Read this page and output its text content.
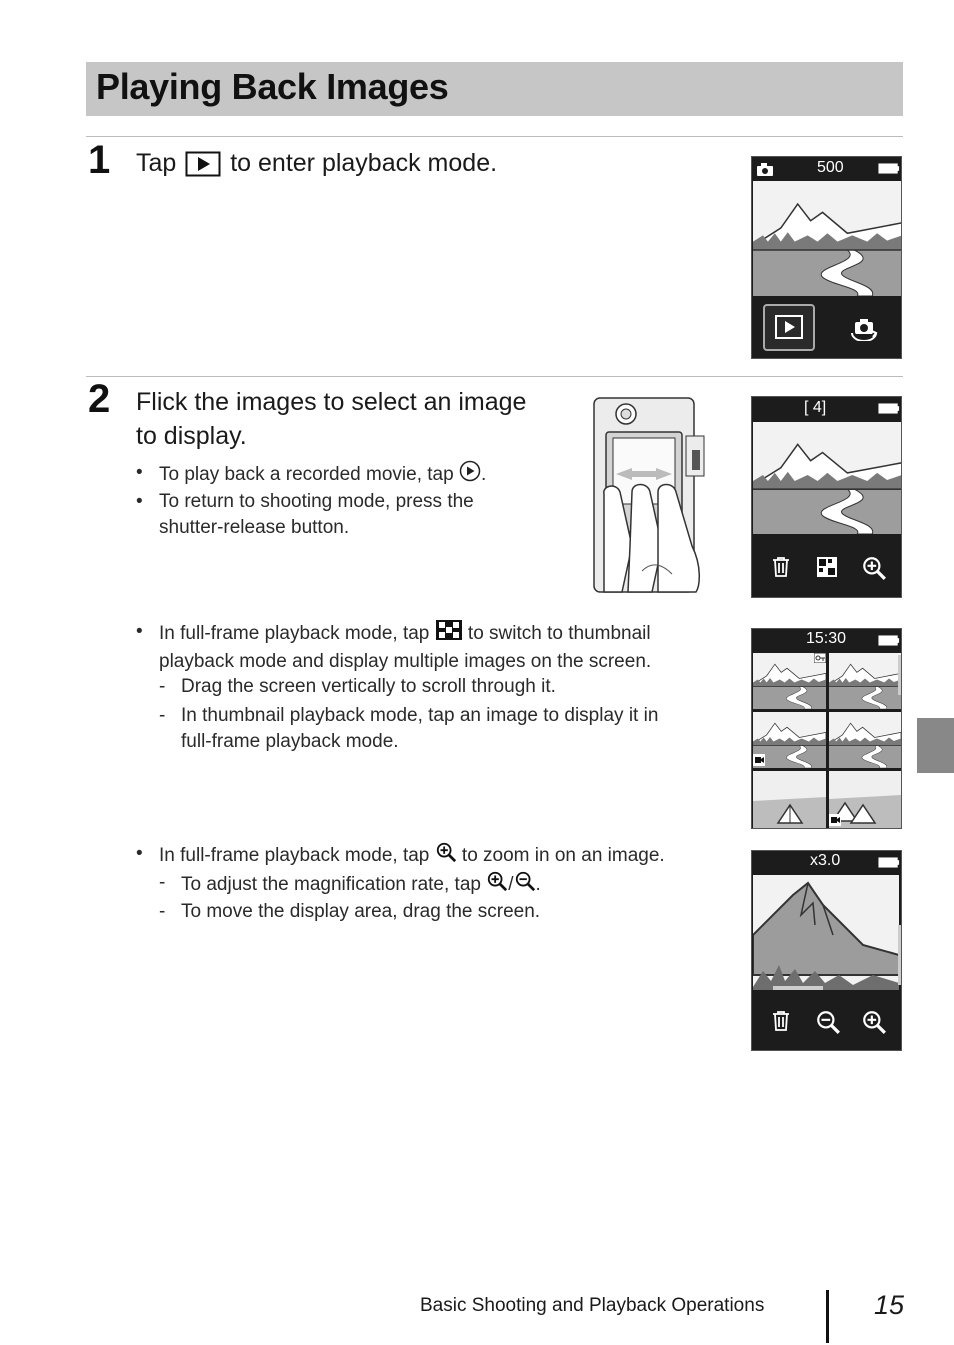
Playing Back Images
1 Tap to enter playback mode.	500
2 Flick the images to select an image
to display.
• To play back a recorded movie, tap .
• To return to shooting mode, press the
shutter-release button.
[ 4]
• In full-frame playback mode, tap to switch to thumbnail
playback mode and display multiple images on the screen.
- Drag the screen vertically to scroll through it.
- In thumbnail playback mode, tap an image to display it in
full-frame playback mode.
15:30
• In full-frame playback mode, tap to zoom in on an image.
- To adjust the magnification rate, tap / .
- To move the display area, drag the screen.
x3.0
Basic Shooting and Playback Operations	15
